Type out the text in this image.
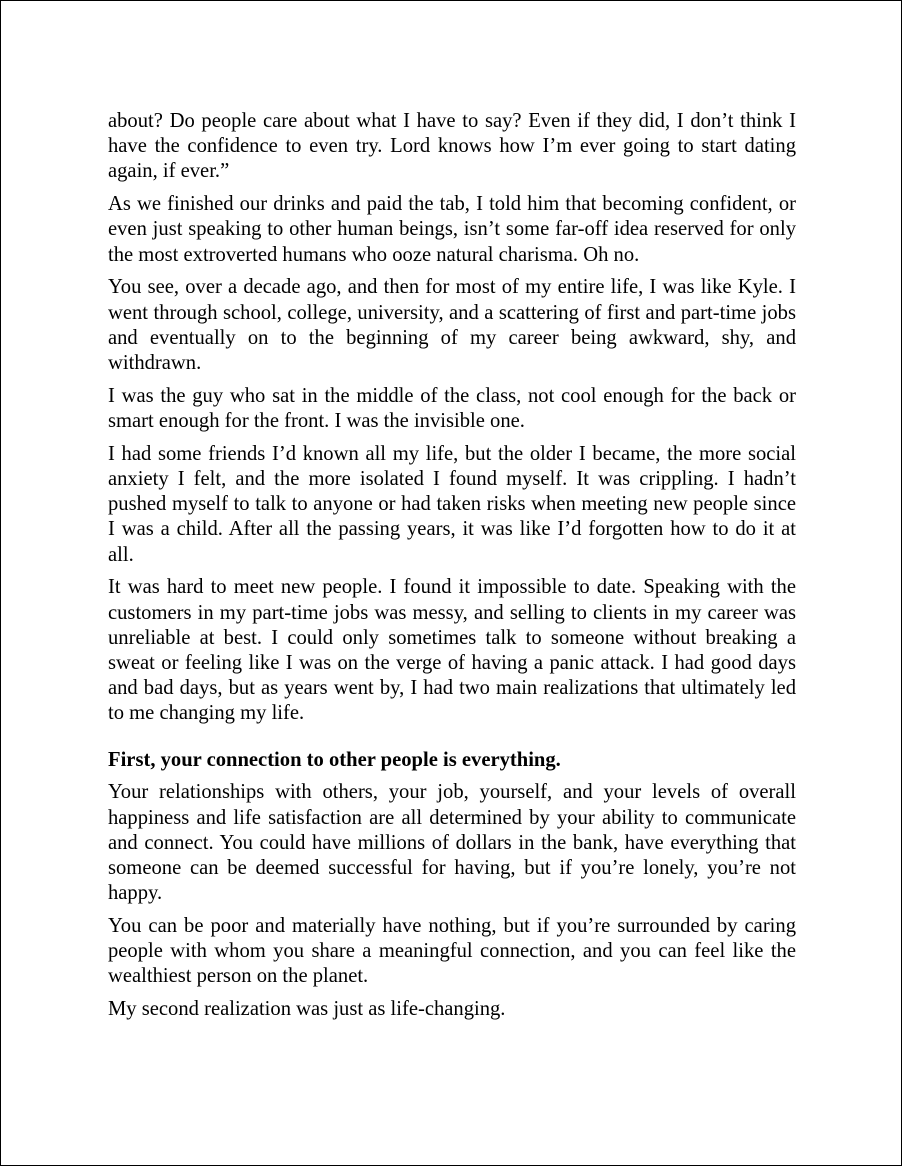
about? Do people care about what I have to say? Even if they did, I don’t think I have the confidence to even try. Lord knows how I’m ever going to start dating again, if ever.”

As we finished our drinks and paid the tab, I told him that becoming confident, or even just speaking to other human beings, isn’t some far-off idea reserved for only the most extroverted humans who ooze natural charisma. Oh no.

You see, over a decade ago, and then for most of my entire life, I was like Kyle. I went through school, college, university, and a scattering of first and part-time jobs and eventually on to the beginning of my career being awkward, shy, and withdrawn.

I was the guy who sat in the middle of the class, not cool enough for the back or smart enough for the front. I was the invisible one.

I had some friends I’d known all my life, but the older I became, the more social anxiety I felt, and the more isolated I found myself. It was crippling. I hadn’t pushed myself to talk to anyone or had taken risks when meeting new people since I was a child. After all the passing years, it was like I’d forgotten how to do it at all.

It was hard to meet new people. I found it impossible to date. Speaking with the customers in my part-time jobs was messy, and selling to clients in my career was unreliable at best. I could only sometimes talk to someone without breaking a sweat or feeling like I was on the verge of having a panic attack. I had good days and bad days, but as years went by, I had two main realizations that ultimately led to me changing my life.

First, your connection to other people is everything.

Your relationships with others, your job, yourself, and your levels of overall happiness and life satisfaction are all determined by your ability to communicate and connect. You could have millions of dollars in the bank, have everything that someone can be deemed successful for having, but if you’re lonely, you’re not happy.

You can be poor and materially have nothing, but if you’re surrounded by caring people with whom you share a meaningful connection, and you can feel like the wealthiest person on the planet.

My second realization was just as life-changing.
